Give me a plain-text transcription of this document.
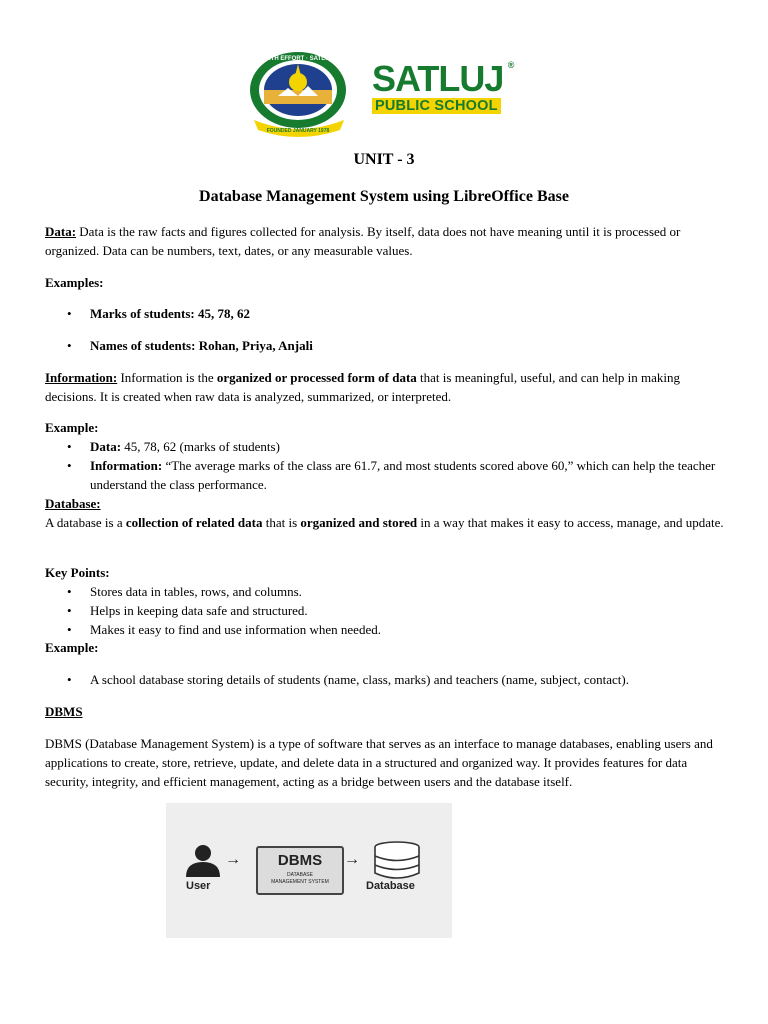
YOU SHALL LIVE WITH EFFORT · SATLUJ PUBLIC SCHOOL
FOUNDED JANUARY 1978
SATLUJ ®

PUBLIC SCHOOL
UNIT - 3
Database Management System using LibreOffice Base

Data: Data is the raw facts and figures collected for analysis. By itself, data does not have meaning until it is processed or organized. Data can be numbers, text, dates, or any measurable values.

Examples:

• Marks of students: 45, 78, 62
• Names of students: Rohan, Priya, Anjali

Information: Information is the organized or processed form of data that is meaningful, useful, and can help in making decisions. It is created when raw data is analyzed, summarized, or interpreted.

Example:

• Data: 45, 78, 62 (marks of students)
• Information: “The average marks of the class are 61.7, and most students scored above 60,” which can help the teacher understand the class performance.

Database:

A database is a collection of related data that is organized and stored in a way that makes it easy to access, manage, and update.

Key Points:

• Stores data in tables, rows, and columns.
• Helps in keeping data safe and structured.
• Makes it easy to find and use information when needed.

Example:

• A school database storing details of students (name, class, marks) and teachers (name, subject, contact).

DBMS

DBMS (Database Management System) is a type of software that serves as an interface to manage databases, enabling users and applications to create, store, retrieve, update, and delete data in a structured and organized way. It provides features for data security, integrity, and efficient management, acting as a bridge between users and the database itself.

User
→	DBMS
DATABASE
MANAGEMENT SYSTEM
→
Database
